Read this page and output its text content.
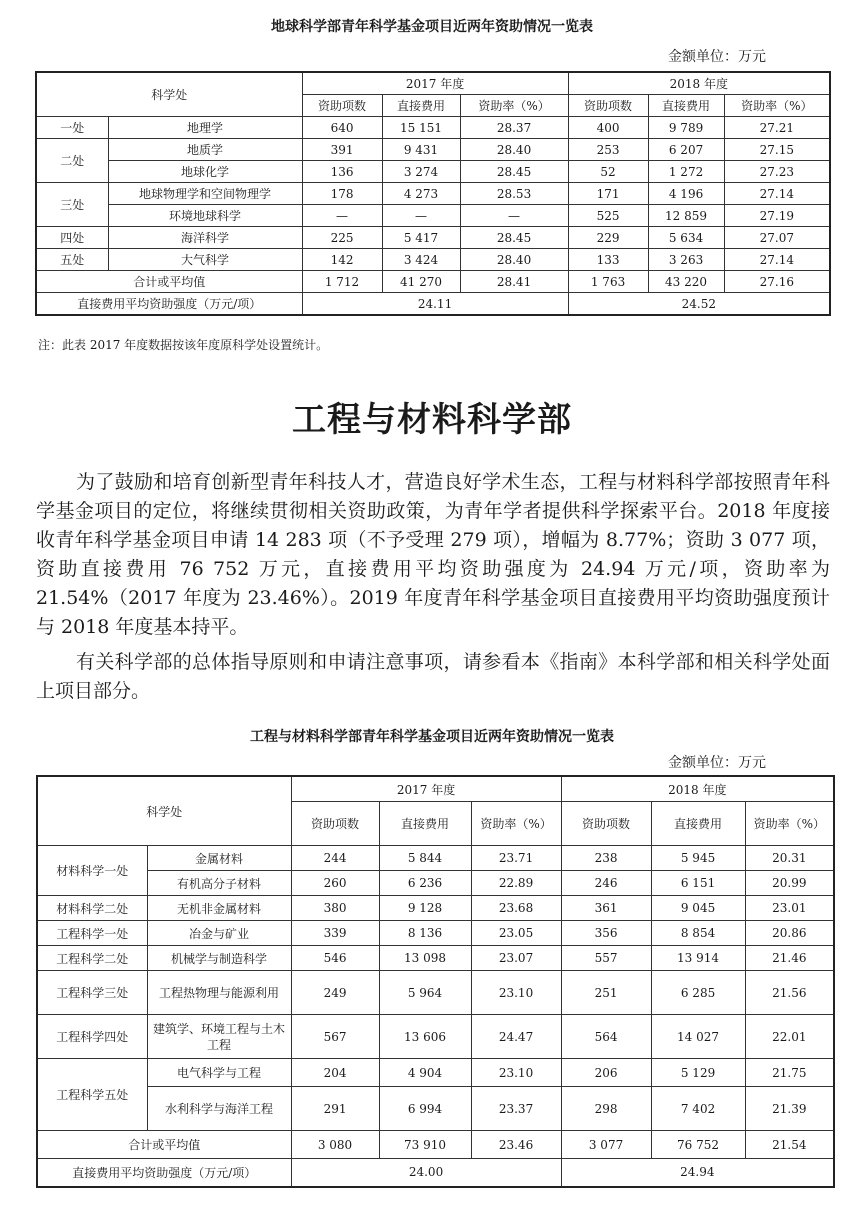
地球科学部青年科学基金项目近两年资助情况一览表
金额单位：万元
科学处		2017 年度			2018 年度		
		资助项数	直接费用	资助率（%）	资助项数	直接费用	资助率（%）
一处	地理学	640	15 151	28.37	400	9 789	27.21
二处	地质学	391	9 431	28.40	253	6 207	27.15
	地球化学	136	3 274	28.45	52	1 272	27.23
三处	地球物理学和空间物理学	178	4 273	28.53	171	4 196	27.14
	环境地球科学	—	—	—	525	12 859	27.19
四处	海洋科学	225	5 417	28.45	229	5 634	27.07
五处	大气科学	142	3 424	28.40	133	3 263	27.14
合计或平均值		1 712	41 270	28.41	1 763	43 220	27.16
直接费用平均资助强度（万元/项）		24.11			24.52		
注：此表 2017 年度数据按该年度原科学处设置统计。
工程与材料科学部
为了鼓励和培育创新型青年科技人才，营造良好学术生态，工程与材料科学部按照青年科学基金项目的定位，将继续贯彻相关资助政策，为青年学者提供科学探索平台。2018 年度接收青年科学基金项目申请 14 283 项（不予受理 279 项），增幅为 8.77%；资助 3 077 项，资助直接费用 76 752 万元，直接费用平均资助强度为 24.94 万元/项，资助率为 21.54%（2017 年度为 23.46%）。2019 年度青年科学基金项目直接费用平均资助强度预计与 2018 年度基本持平。
有关科学部的总体指导原则和申请注意事项，请参看本《指南》本科学部和相关科学处面上项目部分。
工程与材料科学部青年科学基金项目近两年资助情况一览表
金额单位：万元
科学处		2017 年度			2018 年度		
		资助项数	直接费用	资助率（%）	资助项数	直接费用	资助率（%）
材料科学一处	金属材料	244	5 844	23.71	238	5 945	20.31
	有机高分子材料	260	6 236	22.89	246	6 151	20.99
材料科学二处	无机非金属材料	380	9 128	23.68	361	9 045	23.01
工程科学一处	冶金与矿业	339	8 136	23.05	356	8 854	20.86
工程科学二处	机械学与制造科学	546	13 098	23.07	557	13 914	21.46
工程科学三处	工程热物理与能源利用	249	5 964	23.10	251	6 285	21.56
工程科学四处	建筑学、环境工程与土木工程	567	13 606	24.47	564	14 027	22.01
工程科学五处	电气科学与工程	204	4 904	23.10	206	5 129	21.75
	水利科学与海洋工程	291	6 994	23.37	298	7 402	21.39
合计或平均值		3 080	73 910	23.46	3 077	76 752	21.54
直接费用平均资助强度（万元/项）		24.00			24.94		
